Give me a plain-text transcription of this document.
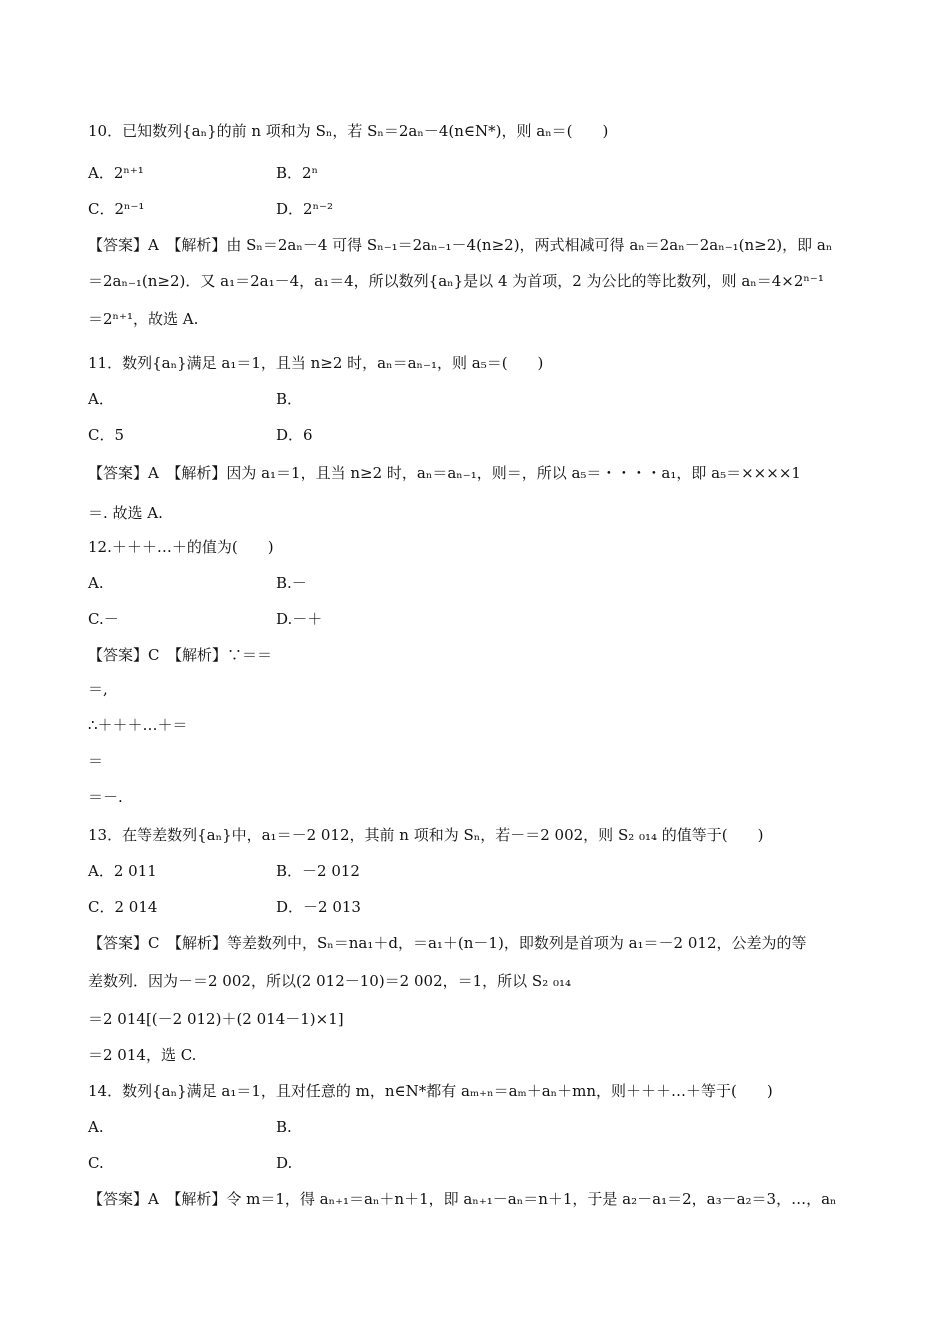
10．已知数列{aₙ}的前 n 项和为 Sₙ，若 Sₙ＝2aₙ－4(n∈N*)，则 aₙ＝(　　)
A．2ⁿ⁺¹	B．2ⁿ
C．2ⁿ⁻¹	D．2ⁿ⁻²
【答案】A　【解析】由 Sₙ＝2aₙ－4 可得 Sₙ₋₁＝2aₙ₋₁－4(n≥2)，两式相减可得 aₙ＝2aₙ－2aₙ₋₁(n≥2)，即 aₙ
＝2aₙ₋₁(n≥2)．又 a₁＝2a₁－4，a₁＝4，所以数列{aₙ}是以 4 为首项，2 为公比的等比数列，则 aₙ＝4×2ⁿ⁻¹
＝2ⁿ⁺¹，故选 A.
11．数列{aₙ}满足 a₁＝1，且当 n≥2 时，aₙ＝aₙ₋₁，则 a₅＝(　　)
A．	B．
C．5	D．6
【答案】A　【解析】因为 a₁＝1，且当 n≥2 时，aₙ＝aₙ₋₁，则＝，所以 a₅＝・・・・a₁，即 a₅＝××××1
＝. 故选 A.
12.＋＋＋…＋的值为(　　)
A.	B.－
C.－	D.－＋
【答案】C　【解析】∵＝＝
＝,
∴＋＋＋…＋＝
＝
＝－.
13．在等差数列{aₙ}中，a₁＝－2 012，其前 n 项和为 Sₙ，若－＝2 002，则 S₂ ₀₁₄ 的值等于(　　)
A．2 011	B．－2 012
C．2 014	D．－2 013
【答案】C　【解析】等差数列中，Sₙ＝na₁＋d，＝a₁＋(n－1)，即数列是首项为 a₁＝－2 012，公差为的等
差数列．因为－＝2 002，所以(2 012－10)＝2 002，＝1，所以 S₂ ₀₁₄
＝2 014[(－2 012)＋(2 014－1)×1]
＝2 014，选 C.
14．数列{aₙ}满足 a₁＝1，且对任意的 m，n∈N*都有 aₘ₊ₙ＝aₘ＋aₙ＋mn，则＋＋＋…＋等于(　　)
A.	B.
C.	D.
【答案】A　【解析】令 m＝1，得 aₙ₊₁＝aₙ＋n＋1，即 aₙ₊₁－aₙ＝n＋1，于是 a₂－a₁＝2，a₃－a₂＝3，…，aₙ
